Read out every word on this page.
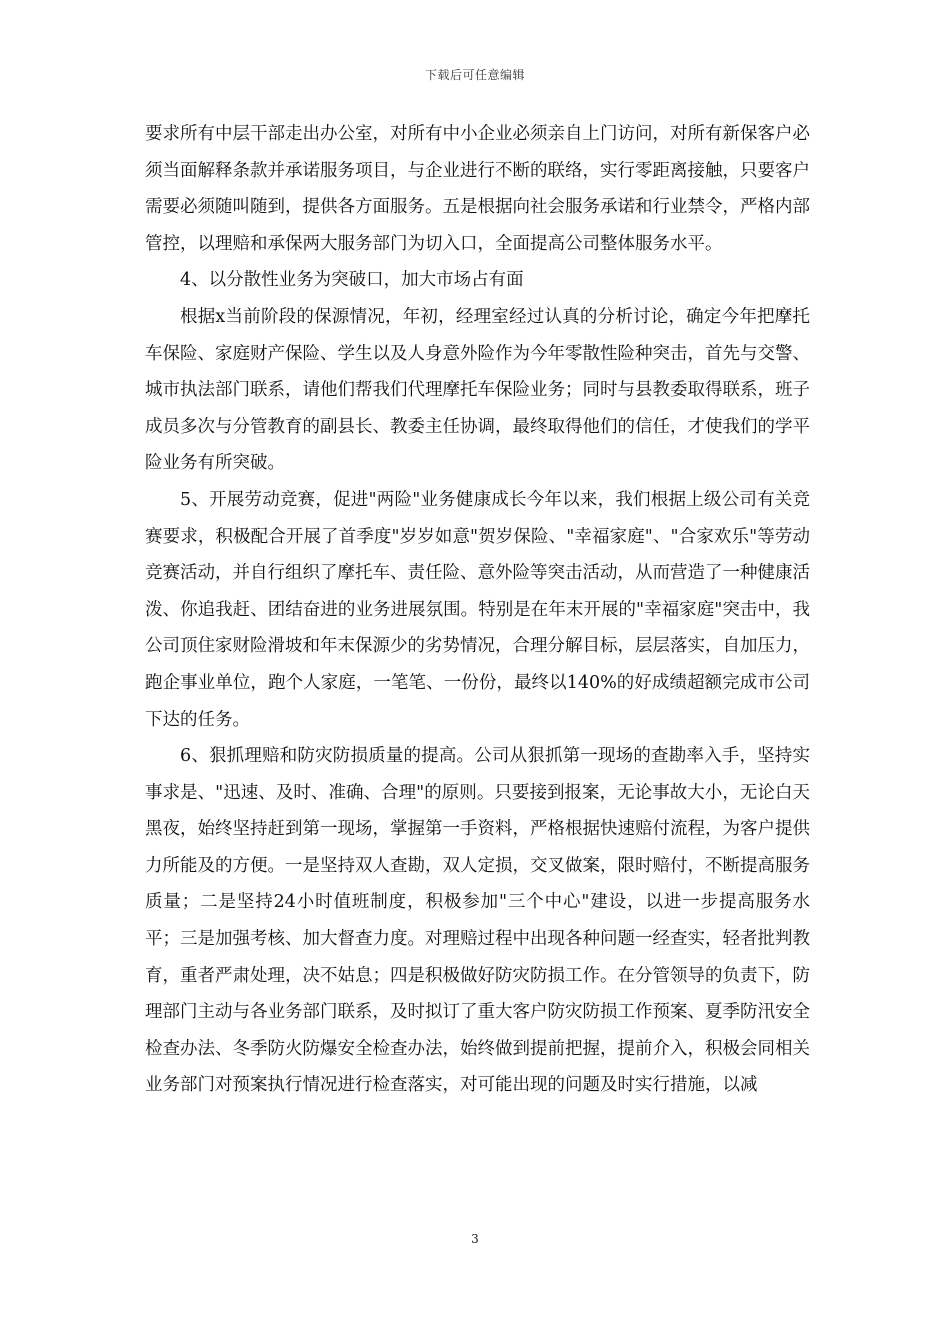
下载后可任意编辑

要求所有中层干部走出办公室，对所有中小企业必须亲自上门访问，对所有新保客户必须当面解释条款并承诺服务项目，与企业进行不断的联络，实行零距离接触，只要客户需要必须随叫随到，提供各方面服务。五是根据向社会服务承诺和行业禁令，严格内部管控，以理赔和承保两大服务部门为切入口，全面提高公司整体服务水平。

4、以分散性业务为突破口，加大市场占有面

根据x当前阶段的保源情况，年初，经理室经过认真的分析讨论，确定今年把摩托车保险、家庭财产保险、学生以及人身意外险作为今年零散性险种突击，首先与交警、城市执法部门联系，请他们帮我们代理摩托车保险业务；同时与县教委取得联系，班子成员多次与分管教育的副县长、教委主任协调，最终取得他们的信任，才使我们的学平险业务有所突破。

5、开展劳动竞赛，促进"两险"业务健康成长今年以来，我们根据上级公司有关竞赛要求，积极配合开展了首季度"岁岁如意"贺岁保险、"幸福家庭"、"合家欢乐"等劳动竞赛活动，并自行组织了摩托车、责任险、意外险等突击活动，从而营造了一种健康活泼、你追我赶、团结奋进的业务进展氛围。特别是在年末开展的"幸福家庭"突击中，我公司顶住家财险滑坡和年末保源少的劣势情况，合理分解目标，层层落实，自加压力，跑企事业单位，跑个人家庭，一笔笔、一份份，最终以140%的好成绩超额完成市公司下达的任务。

6、狠抓理赔和防灾防损质量的提高。公司从狠抓第一现场的查勘率入手，坚持实事求是、"迅速、及时、准确、合理"的原则。只要接到报案，无论事故大小，无论白天黑夜，始终坚持赶到第一现场，掌握第一手资料，严格根据快速赔付流程，为客户提供力所能及的方便。一是坚持双人查勘，双人定损，交叉做案，限时赔付，不断提高服务质量；二是坚持24小时值班制度，积极参加"三个中心"建设，以进一步提高服务水平；三是加强考核、加大督查力度。对理赔过程中出现各种问题一经查实，轻者批判教育，重者严肃处理，决不姑息；四是积极做好防灾防损工作。在分管领导的负责下，防理部门主动与各业务部门联系，及时拟订了重大客户防灾防损工作预案、夏季防汛安全检查办法、冬季防火防爆安全检查办法，始终做到提前把握，提前介入，积极会同相关业务部门对预案执行情况进行检查落实，对可能出现的问题及时实行措施，以减

3
